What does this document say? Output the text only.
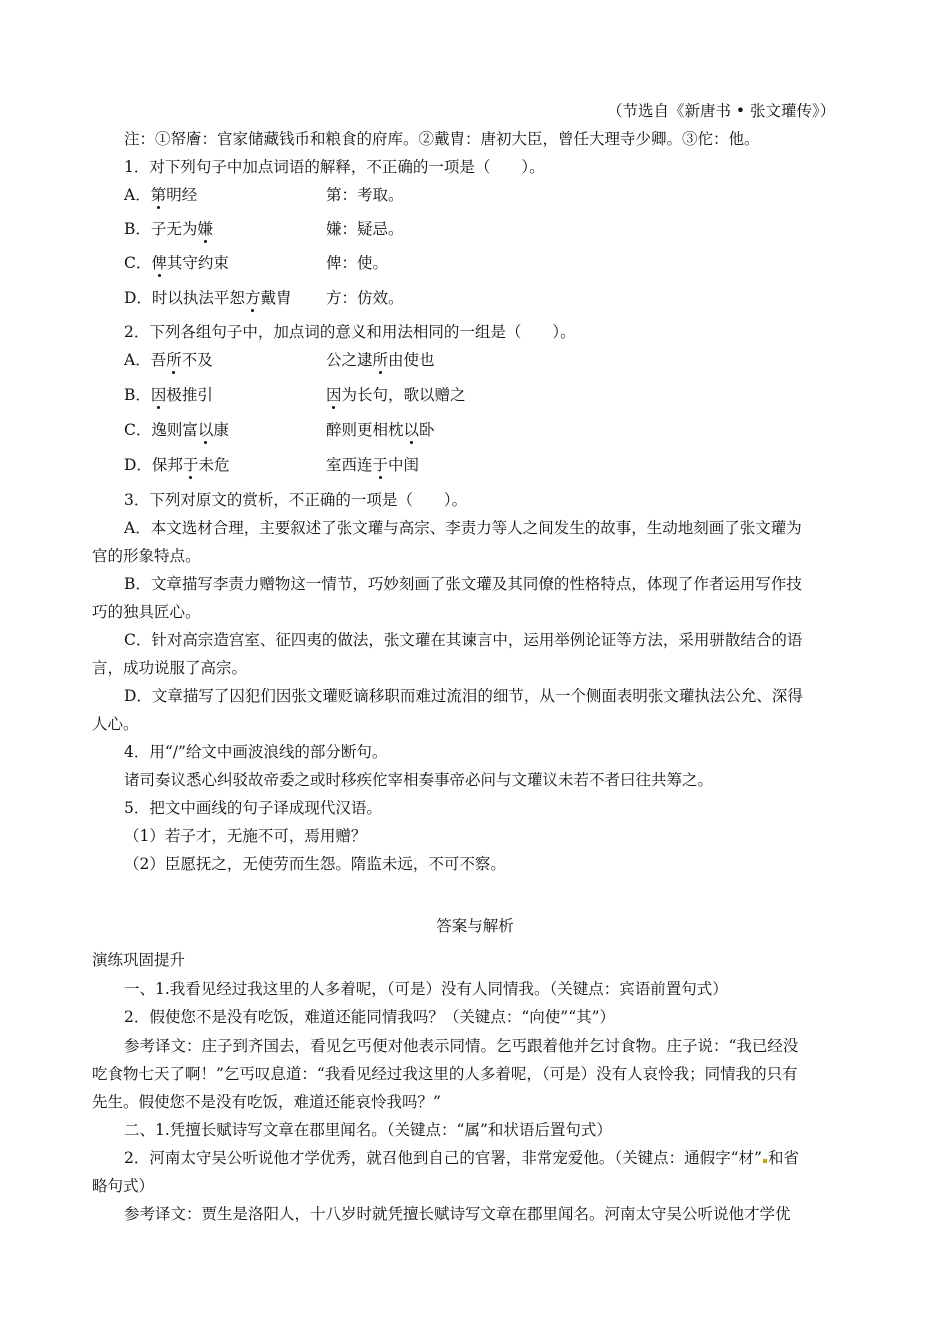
（节选自《新唐书 • 张文瓘传》）
注：①帑廥：官家储藏钱币和粮食的府库。②戴胄：唐初大臣，曾任大理寺少卿。③佗：他。
1．对下列句子中加点词语的解释，不正确的一项是（　　）。
A．第明经	第：考取。
B．子无为嫌	嫌：疑忌。
C．俾其守约束	俾：使。
D．时以执法平恕方戴胄 方：仿效。
2．下列各组句子中，加点词的意义和用法相同的一组是（　　）。
A．吾所不及	公之逮所由使也
B．因极推引	因为长句，歌以赠之
C．逸则富以康	醉则更相枕以卧
D．保邦于未危	室西连于中闺
3．下列对原文的赏析，不正确的一项是（　　）。
A．本文选材合理，主要叙述了张文瓘与高宗、李责力等人之间发生的故事，生动地刻画了张文瓘为
官的形象特点。
B．文章描写李责力赠物这一情节，巧妙刻画了张文瓘及其同僚的性格特点，体现了作者运用写作技
巧的独具匠心。
C．针对高宗造宫室、征四夷的做法，张文瓘在其谏言中，运用举例论证等方法，采用骈散结合的语
言，成功说服了高宗。
D．文章描写了囚犯们因张文瓘贬谪移职而难过流泪的细节，从一个侧面表明张文瓘执法公允、深得
人心。
4．用“/”给文中画波浪线的部分断句。
诸司奏议悉心纠驳故帝委之或时移疾佗宰相奏事帝必问与文瓘议未若不者曰往共筹之。
5．把文中画线的句子译成现代汉语。
（1）若子才，无施不可，焉用赠？
（2）臣愿抚之，无使劳而生怨。隋监未远，不可不察。
答案与解析
演练巩固提升
一、1.我看见经过我这里的人多着呢，（可是）没有人同情我。（关键点：宾语前置句式）
2．假使您不是没有吃饭，难道还能同情我吗？（关键点：“向使”“其”）
参考译文：庄子到齐国去，看见乞丐便对他表示同情。乞丐跟着他并乞讨食物。庄子说：“我已经没
吃食物七天了啊！”乞丐叹息道：“我看见经过我这里的人多着呢，（可是）没有人哀怜我；同情我的只有
先生。假使您不是没有吃饭，难道还能哀怜我吗？”
二、1.凭擅长赋诗写文章在郡里闻名。（关键点：“属”和状语后置句式）
2．河南太守吴公听说他才学优秀，就召他到自己的官署，非常宠爱他。（关键点：通假字“材” 和省
略句式）
参考译文：贾生是洛阳人，十八岁时就凭擅长赋诗写文章在郡里闻名。河南太守吴公听说他才学优
